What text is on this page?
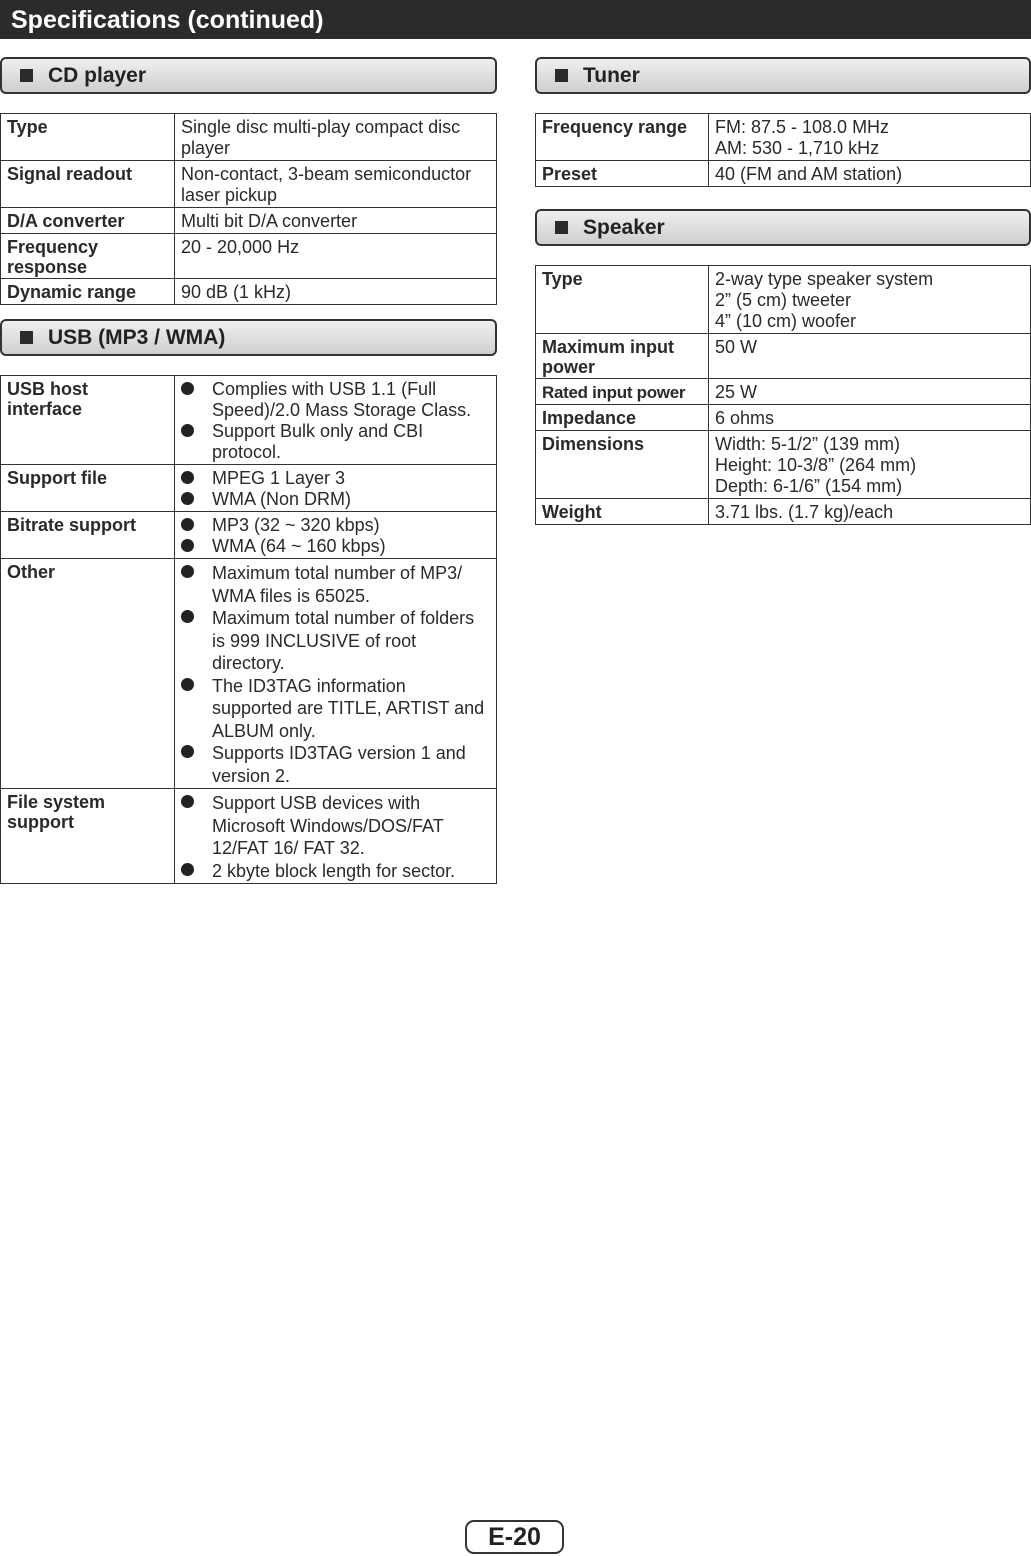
Specifications (continued)
CD player
Type	Single disc multi-play compact disc player
Signal readout	Non-contact, 3-beam semiconductor laser pickup
D/A converter	Multi bit D/A converter
Frequency response	20 - 20,000 Hz
Dynamic range	90 dB (1 kHz)
USB (MP3 / WMA)
USB host interface	Complies with USB 1.1 (Full Speed)/2.0 Mass Storage Class.
Support Bulk only and CBI protocol.

Support file	MPEG 1 Layer 3
WMA (Non DRM)

Bitrate support	MP3 (32 ~ 320 kbps)
WMA (64 ~ 160 kbps)

Other	Maximum total number of MP3/ WMA files is 65025.
Maximum total number of folders is 999 INCLUSIVE of root directory.
The ID3TAG information supported are TITLE, ARTIST and ALBUM only.
Supports ID3TAG version 1 and version 2.

File system support	Support USB devices with Microsoft Windows/DOS/FAT 12/FAT 16/ FAT 32.
2 kbyte block length for sector.
Tuner
Frequency range	FM: 87.5 - 108.0 MHz
AM: 530 - 1,710 kHz

Preset	40 (FM and AM station)
Speaker
Type	2-way type speaker system
2” (5 cm) tweeter
4” (10 cm) woofer

Maximum input power	50 W

Rated input power	25 W

Impedance	6 ohms

Dimensions	Width: 5-1/2” (139 mm)
Height: 10-3/8” (264 mm)
Depth: 6-1/6” (154 mm)

Weight	3.71 lbs. (1.7 kg)/each
E-20
